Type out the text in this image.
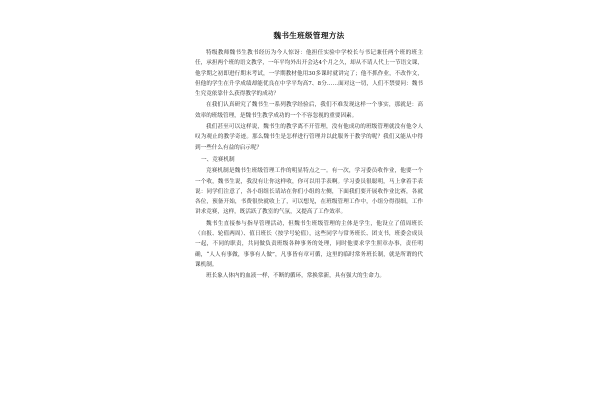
魏书生班级管理方法

特级教师魏书生教书经历为今人惊讶：他担任实验中学校长与书记兼任两个班的班主任，承担两个班的语文教学，一年平均外出开会达4个月之久，却从不请人代上一节语文课，他学期之初即进行期末考试，一学期教材他用30多课时就讲完了；他不抓作业，不改作文，但他的学生在升学成绩却能优良在中学平均高7、8分……面对这一切，人们不禁要问：魏书生究竟依靠什么获得教学的成功？

在我们认真研究了魏书生一系列教学经验后，我们不难发现这样一个事实，那就是：高效率的班级管理，是魏书生教学成功的一个不容忽视的重要因素。

我们甚至可以这样说，魏书生的教学离不开管理，没有他成功的班级管理就没有他令人叹为观止的教学奇迹。那么魏书生是怎样进行管理并以此服务于教学的呢？我们又能从中得到一些什么有益的启示呢？

一、竞赛机制

竞赛机制是魏书生班级管理工作的明显特点之一。有一次，学习委员收作业，他要一个一个收，魏书生说，我没有让你这样收，你可以用手表啊。学习委员很聪明，马上拿着手表说：同学们注意了，各小组组长请站在你们小组的左侧，下面我们要开展收作业比赛，各就各位，预备开始，书费很快就收上了，可以想见，在班级管理工作中，小组分得很细，工作讲求竞赛，这样，既活跃了教室的气氛，又提高了工作效率。

魏书生直接参与指导管理活动，但魏书生班级管理的主体是学生，他设立了值周班长（自报、轮值两周）、值日班长（按学号轮值），这些同学与常务班长、团支书，班委会成员一起，不同的职责，共同做负责班级各种事务的处理，同时他要求学生照章办事，责任明确，“人人有事做，事事有人做”，凡事皆有章可循，这里的临时常务班长制，就是所谓的代课机制。

班长象人体内的血液一样，不断的循环，常换常新，具有强大的生命力。
